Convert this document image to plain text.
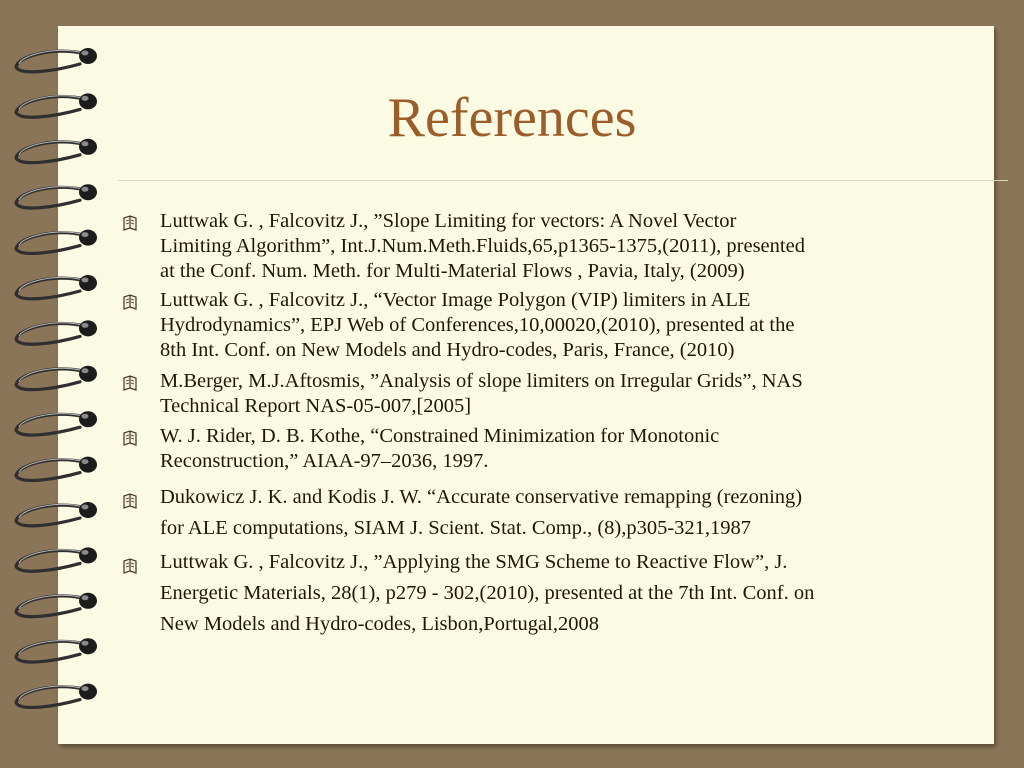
References
Luttwak G. , Falcovitz J., ”Slope Limiting for vectors: A Novel Vector
Limiting Algorithm”, Int.J.Num.Meth.Fluids,65,p1365-1375,(2011), presented
at the Conf. Num. Meth. for Multi-Material Flows , Pavia, Italy, (2009)
Luttwak G. , Falcovitz J., “Vector Image Polygon (VIP) limiters in ALE
Hydrodynamics”, EPJ Web of Conferences,10,00020,(2010), presented at the
8th Int. Conf. on New Models and Hydro-codes, Paris, France, (2010)
M.Berger, M.J.Aftosmis, ”Analysis of slope limiters on Irregular Grids”, NAS
Technical Report NAS-05-007,[2005]
W. J. Rider, D. B. Kothe, “Constrained Minimization for Monotonic
Reconstruction,” AIAA-97–2036, 1997.
Dukowicz J. K. and Kodis J. W. “Accurate conservative remapping (rezoning)
for ALE computations, SIAM J. Scient. Stat. Comp., (8),p305-321,1987
Luttwak G. , Falcovitz J., ”Applying the SMG Scheme to Reactive Flow”, J.
Energetic Materials, 28(1), p279 - 302,(2010), presented at the 7th Int. Conf. on
New Models and Hydro-codes, Lisbon,Portugal,2008
